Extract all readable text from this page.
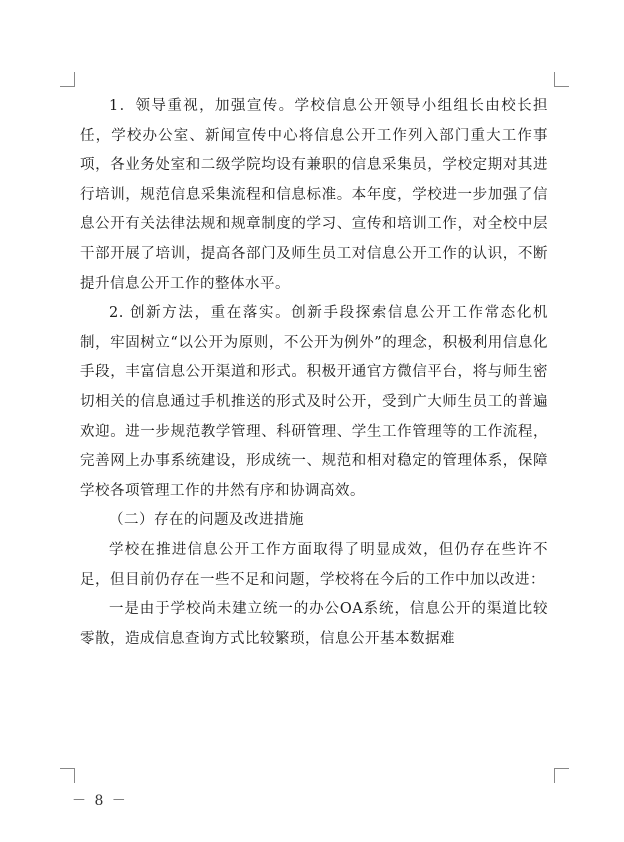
1．领导重视，加强宣传。学校信息公开领导小组组长由校长担任，学校办公室、新闻宣传中心将信息公开工作列入部门重大工作事项，各业务处室和二级学院均设有兼职的信息采集员，学校定期对其进行培训，规范信息采集流程和信息标准。本年度，学校进一步加强了信息公开有关法律法规和规章制度的学习、宣传和培训工作，对全校中层干部开展了培训，提高各部门及师生员工对信息公开工作的认识，不断提升信息公开工作的整体水平。

2. 创新方法，重在落实。创新手段探索信息公开工作常态化机制，牢固树立“以公开为原则，不公开为例外”的理念，积极利用信息化手段，丰富信息公开渠道和形式。积极开通官方微信平台，将与师生密切相关的信息通过手机推送的形式及时公开，受到广大师生员工的普遍欢迎。进一步规范教学管理、科研管理、学生工作管理等的工作流程，完善网上办事系统建设，形成统一、规范和相对稳定的管理体系，保障学校各项管理工作的井然有序和协调高效。

（二）存在的问题及改进措施

学校在推进信息公开工作方面取得了明显成效，但仍存在些许不足，但目前仍存在一些不足和问题，学校将在今后的工作中加以改进：

一是由于学校尚未建立统一的办公OA系统，信息公开的渠道比较零散，造成信息查询方式比较繁琐，信息公开基本数据难

－ 8 －
